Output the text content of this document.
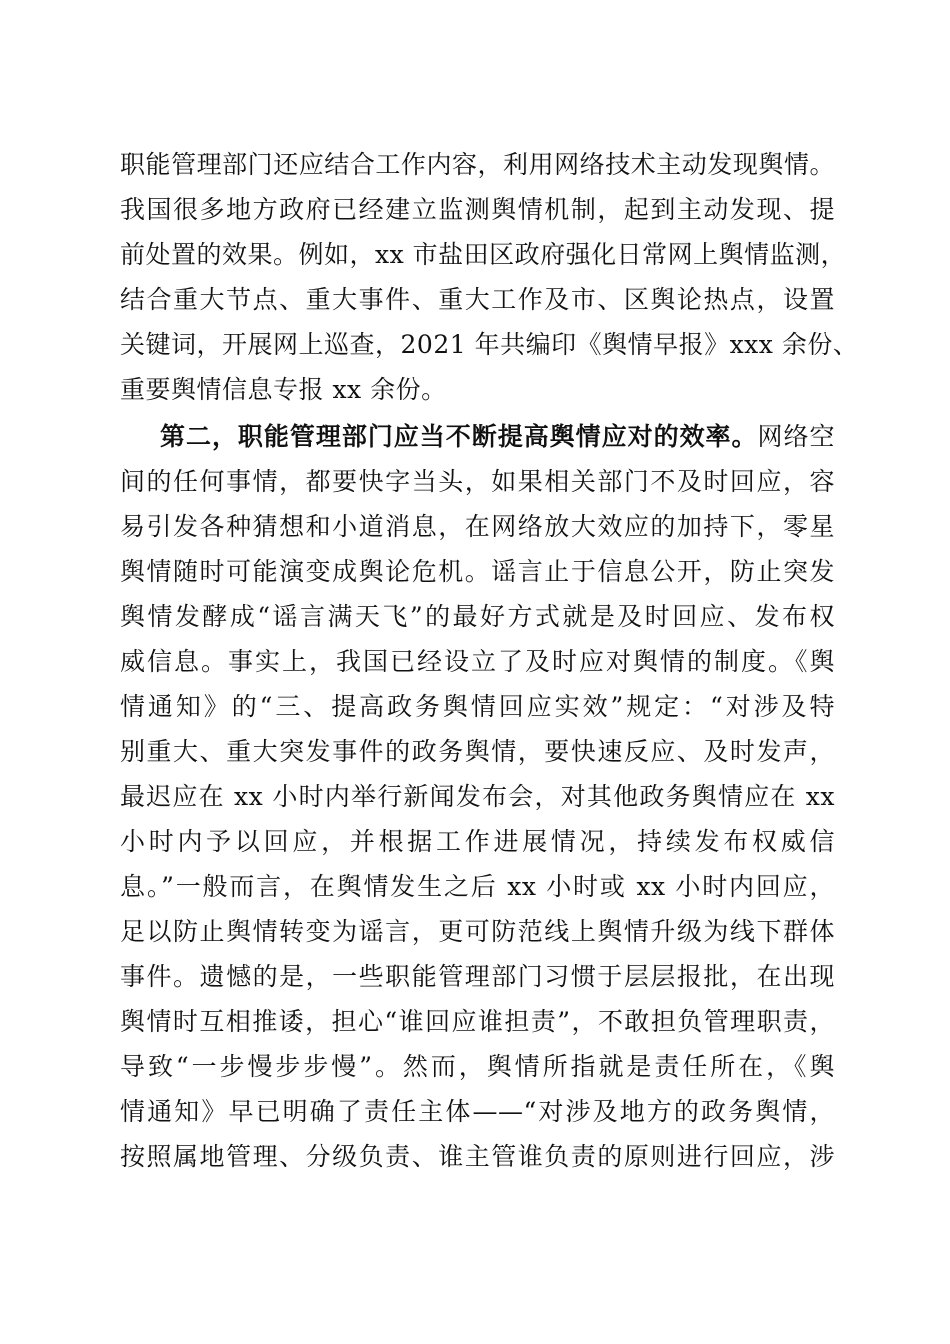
职能管理部门还应结合工作内容，利用网络技术主动发现舆情。
我国很多地方政府已经建立监测舆情机制，起到主动发现、提
前处置的效果。例如，xx 市盐田区政府强化日常网上舆情监测，
结合重大节点、重大事件、重大工作及市、区舆论热点，设置
关键词，开展网上巡查，2021 年共编印《舆情早报》xxx 余份、
重要舆情信息专报 xx 余份。
第二，职能管理部门应当不断提高舆情应对的效率。网络空
间的任何事情，都要快字当头，如果相关部门不及时回应，容
易引发各种猜想和小道消息，在网络放大效应的加持下，零星
舆情随时可能演变成舆论危机。谣言止于信息公开，防止突发
舆情发酵成“谣言满天飞”的最好方式就是及时回应、发布权
威信息。事实上，我国已经设立了及时应对舆情的制度。《舆
情通知》的“三、提高政务舆情回应实效”规定：“对涉及特
别重大、重大突发事件的政务舆情，要快速反应、及时发声，
最迟应在 xx 小时内举行新闻发布会，对其他政务舆情应在 xx
小时内予以回应，并根据工作进展情况，持续发布权威信
息。”一般而言，在舆情发生之后 xx 小时或 xx 小时内回应，
足以防止舆情转变为谣言，更可防范线上舆情升级为线下群体
事件。遗憾的是，一些职能管理部门习惯于层层报批，在出现
舆情时互相推诿，担心“谁回应谁担责”，不敢担负管理职责，
导致“一步慢步步慢”。然而，舆情所指就是责任所在，《舆
情通知》早已明确了责任主体——“对涉及地方的政务舆情，
按照属地管理、分级负责、谁主管谁负责的原则进行回应，涉
